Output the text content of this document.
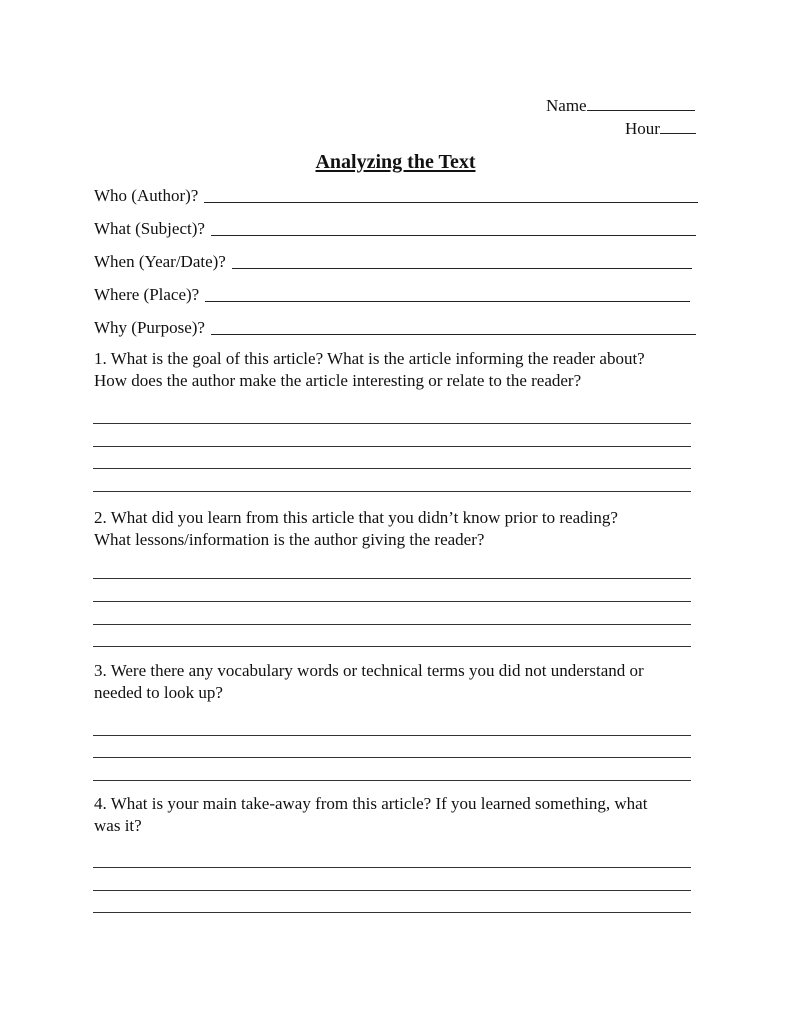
Name
Hour
Analyzing the Text
Who (Author)?
What (Subject)?
When (Year/Date)?
Where (Place)?
Why (Purpose)?
1. What is the goal of this article? What is the article informing the reader about?
How does the author make the article interesting or relate to the reader?
2. What did you learn from this article that you didn’t know prior to reading?
What lessons/information is the author giving the reader?
3. Were there any vocabulary words or technical terms you did not understand or
needed to look up?
4. What is your main take-away from this article? If you learned something, what
was it?
